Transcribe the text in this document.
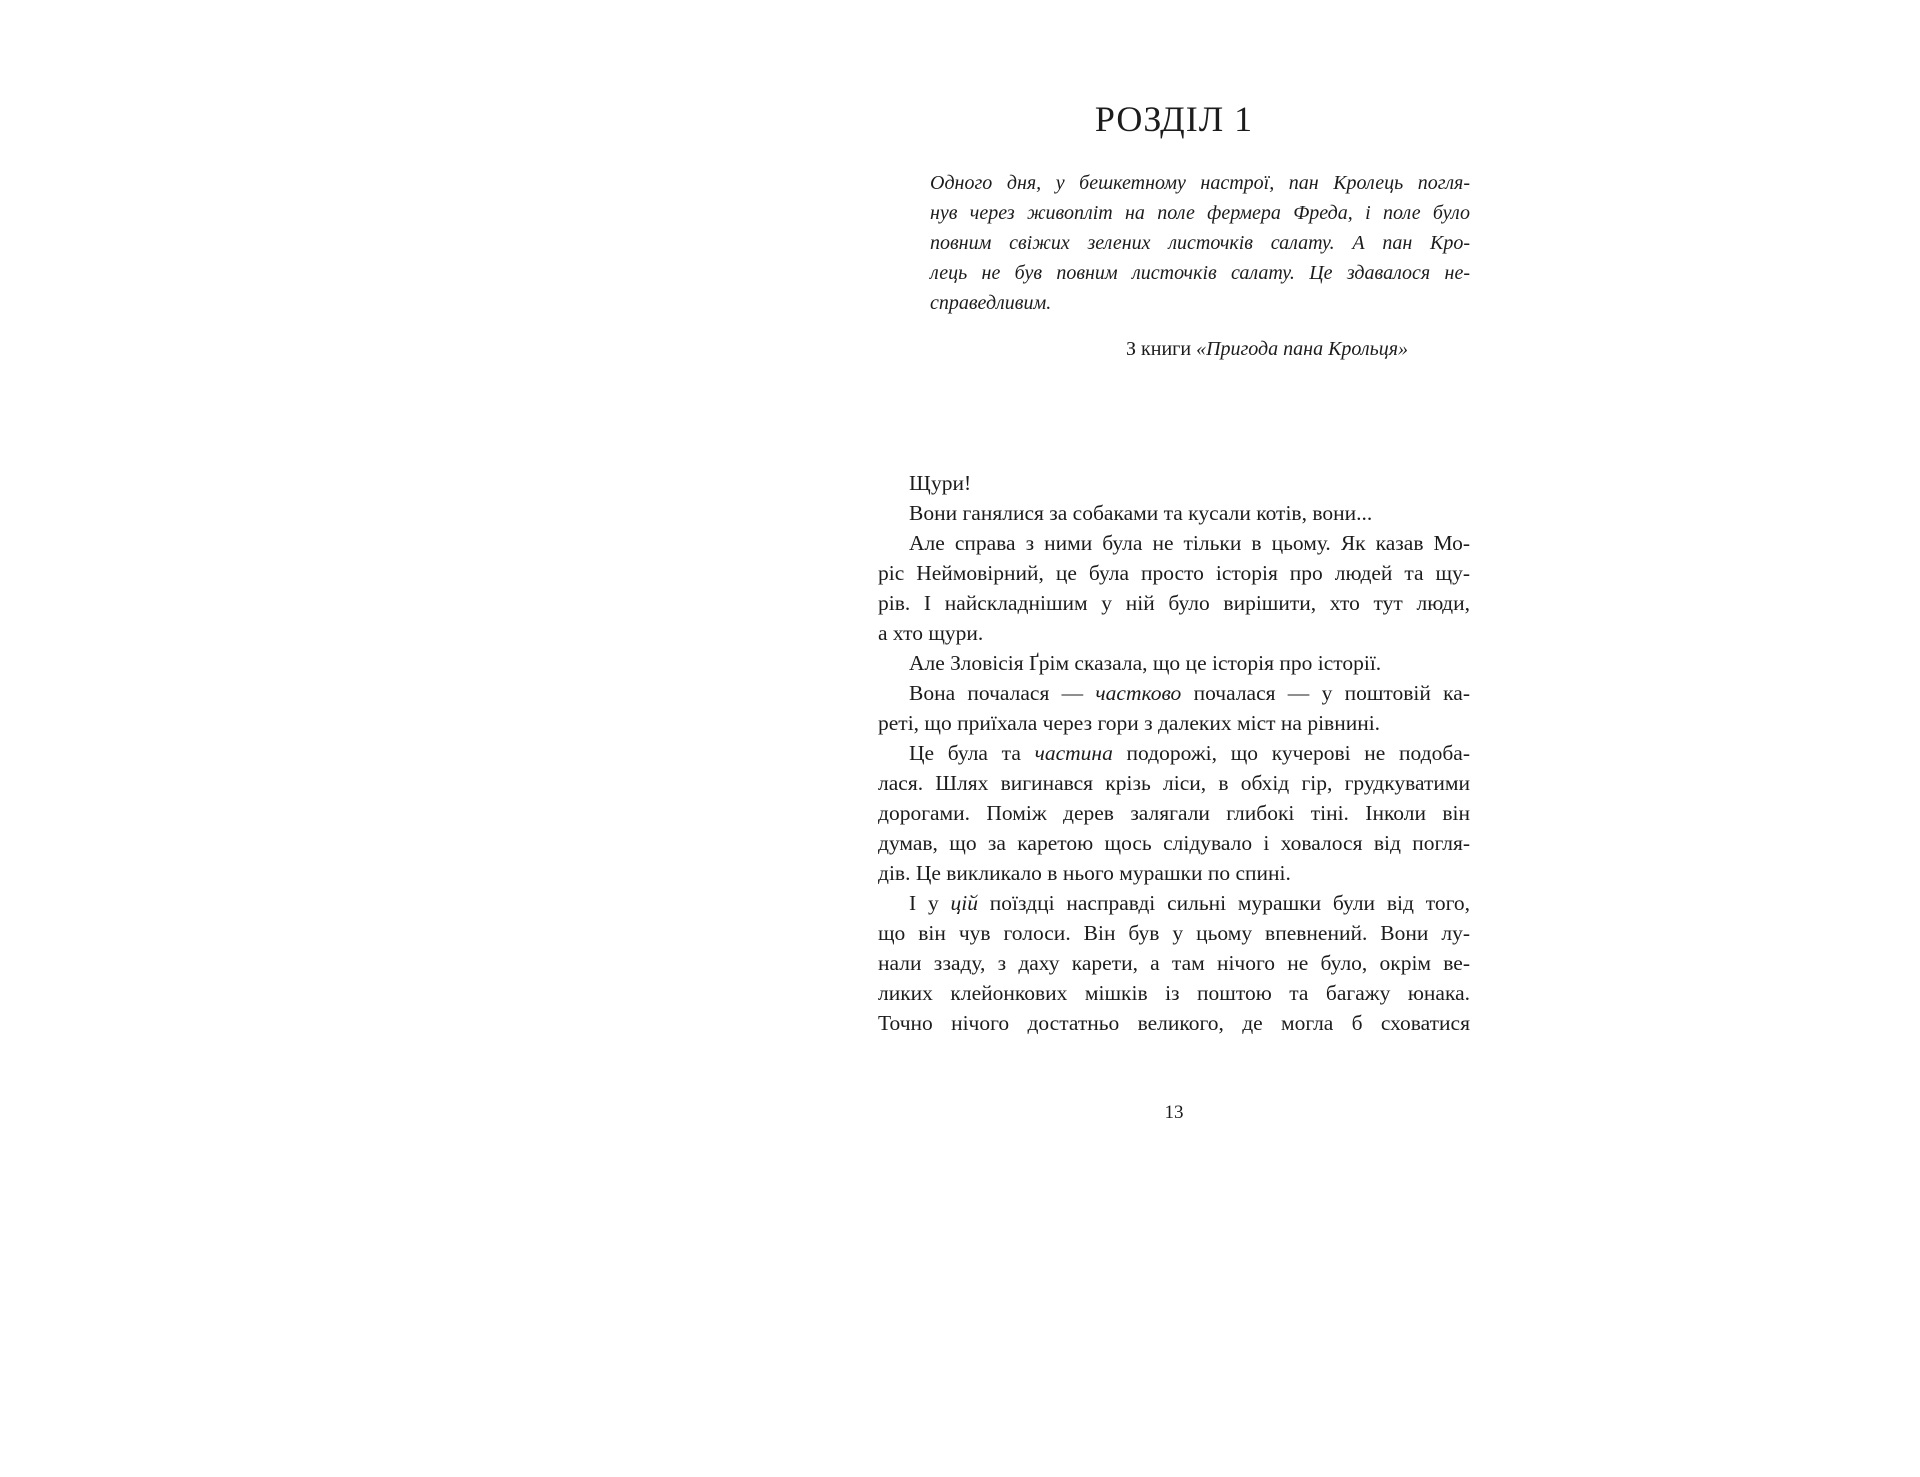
РОЗДІЛ 1
Одного дня, у бешкетному настрої, пан Кролець погля-
нув через живопліт на поле фермера Фреда, і поле було
повним свіжих зелених листочків салату. А пан Кро-
лець не був повним листочків салату. Це здавалося не-
справедливим.
З книги «Пригода пана Крольця»
Щури!
Вони ганялися за собаками та кусали котів, вони...
Але справа з ними була не тільки в цьому. Як казав Мо-
ріс Неймовірний, це була просто історія про людей та щу-
рів. І найскладнішим у ній було вирішити, хто тут люди,
а хто щури.
Але Зловісія Ґрім сказала, що це історія про історії.
Вона почалася — частково почалася — у поштовій ка-
реті, що приїхала через гори з далеких міст на рівнині.
Це була та частина подорожі, що кучерові не подоба-
лася. Шлях вигинався крізь ліси, в обхід гір, грудкуватими
дорогами. Поміж дерев залягали глибокі тіні. Інколи він
думав, що за каретою щось слідувало і ховалося від погля-
дів. Це викликало в нього мурашки по спині.
І у цій поїздці насправді сильні мурашки були від того,
що він чув голоси. Він був у цьому впевнений. Вони лу-
нали ззаду, з даху карети, а там нічого не було, окрім ве-
ликих клейонкових мішків із поштою та багажу юнака.
Точно нічого достатньо великого, де могла б сховатися
13
